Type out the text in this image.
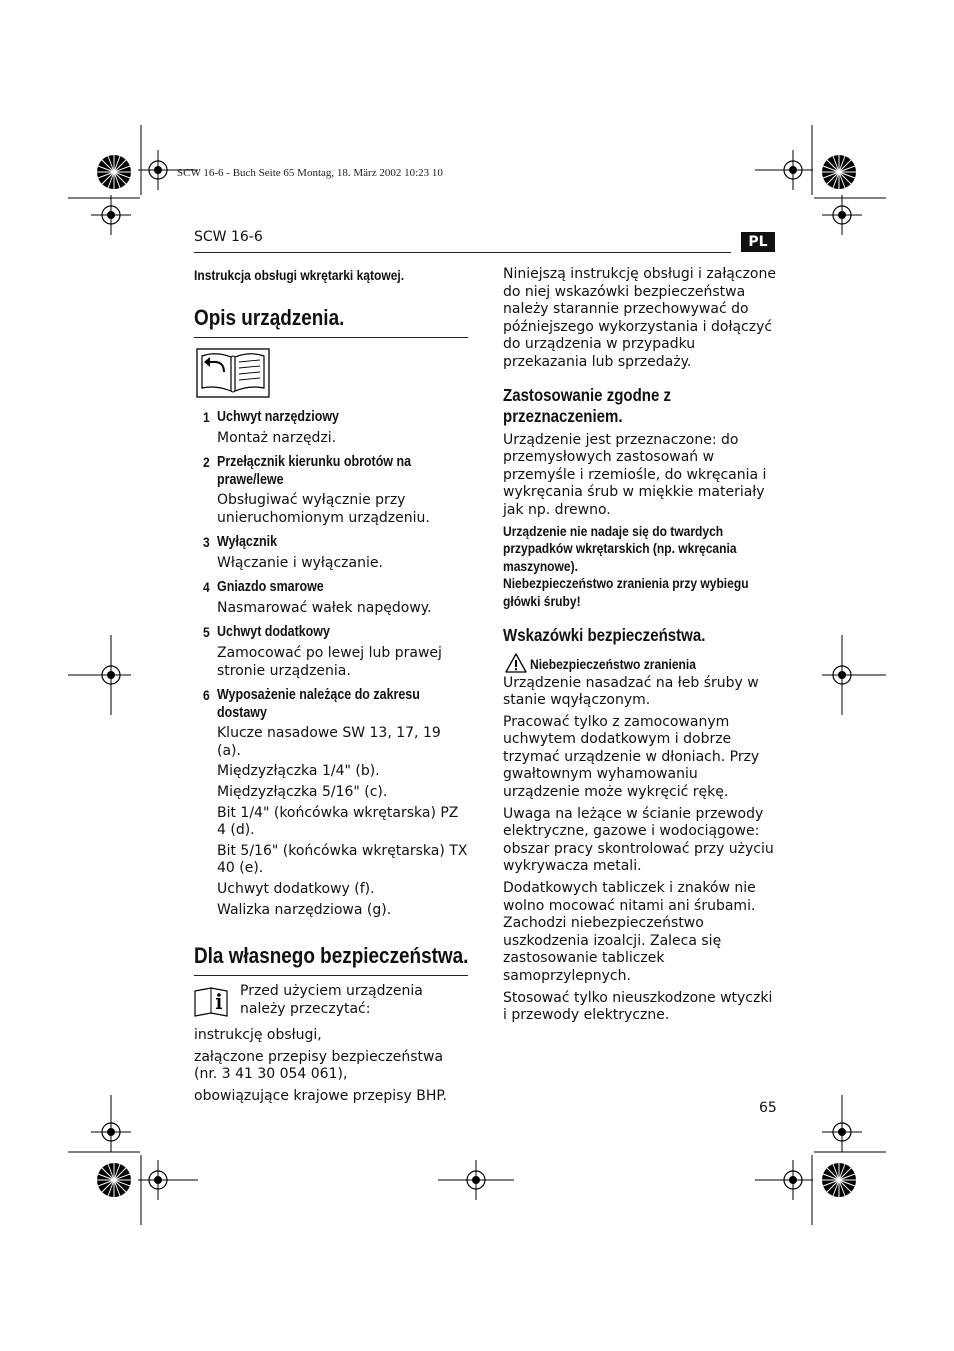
SCW 16-6 - Buch Seite 65 Montag, 18. März 2002 10:23 10
SCW 16-6	PL
Instrukcja obsługi wkrętarki kątowej.
Opis urządzenia.
1 Uchwyt narzędziowy
Montaż narzędzi.
2 Przełącznik kierunku obrotów na prawe/lewe
Obsługiwać wyłącznie przy unieruchomionym urządzeniu.
3 Wyłącznik
Włączanie i wyłączanie.
4 Gniazdo smarowe
Nasmarować wałek napędowy.
5 Uchwyt dodatkowy
Zamocować po lewej lub prawej stronie urządzenia.
6 Wyposażenie należące do zakresu dostawy
Klucze nasadowe SW 13, 17, 19 (a).
Międzyzłączka 1/4" (b).
Międzyzłączka 5/16" (c).
Bit 1/4" (końcówka wkrętarska) PZ 4 (d).
Bit 5/16" (końcówka wkrętarska) TX 40 (e).
Uchwyt dodatkowy (f).
Walizka narzędziowa (g).
Dla własnego bezpieczeństwa.
Przed użyciem urządzenia należy przeczytać:
instrukcję obsługi,
załączone przepisy bezpieczeństwa (nr. 3 41 30 054 061),
obowiązujące krajowe przepisy BHP.
Niniejszą instrukcję obsługi i załączone do niej wskazówki bezpieczeństwa należy starannie przechowywać do późniejszego wykorzystania i dołączyć do urządzenia w przypadku przekazania lub sprzedaży.
Zastosowanie zgodne z przeznaczeniem.
Urządzenie jest przeznaczone: do przemysłowych zastosowań w przemyśle i rzemiośle, do wkręcania i wykręcania śrub w miękkie materiały jak np. drewno.
Urządzenie nie nadaje się do twardych przypadków wkrętarskich (np. wkręcania maszynowe).
Niebezpieczeństwo zranienia przy wybiegu główki śruby!
Wskazówki bezpieczeństwa.
Niebezpieczeństwo zranienia
Urządzenie nasadzać na łeb śruby w stanie wqyłączonym.
Pracować tylko z zamocowanym uchwytem dodatkowym i dobrze trzymać urządzenie w dłoniach. Przy gwałtownym wyhamowaniu urządzenie może wykręcić rękę.
Uwaga na leżące w ścianie przewody elektryczne, gazowe i wodociągowe: obszar pracy skontrolować przy użyciu wykrywacza metali.
Dodatkowych tabliczek i znaków nie wolno mocować nitami ani śrubami. Zachodzi niebezpieczeństwo uszkodzenia izoalcji. Zaleca się zastosowanie tabliczek samoprzylepnych.
Stosować tylko nieuszkodzone wtyczki i przewody elektryczne.
65
